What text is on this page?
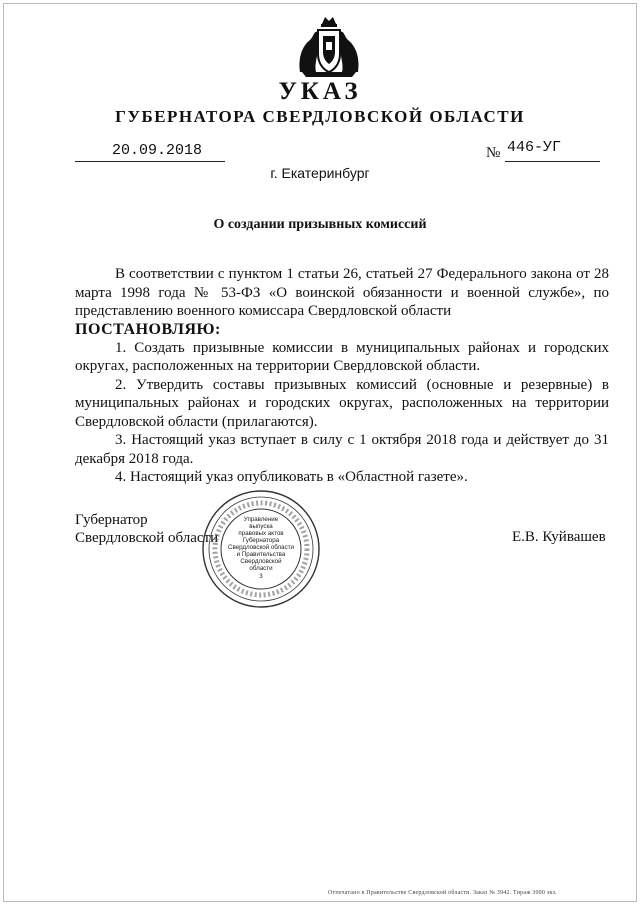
УКАЗ
ГУБЕРНАТОРА СВЕРДЛОВСКОЙ ОБЛАСТИ
20.09.2018	№ 446-УГ
г. Екатеринбург
О создании призывных комиссий

В соответствии с пунктом 1 статьи 26, статьей 27 Федерального закона от 28 марта 1998 года № 53-ФЗ «О воинской обязанности и военной службе», по представлению военного комиссара Свердловской области

ПОСТАНОВЛЯЮ:

1. Создать призывные комиссии в муниципальных районах и городских округах, расположенных на территории Свердловской области.

2. Утвердить составы призывных комиссий (основные и резервные) в муниципальных районах и городских округах, расположенных на территории Свердловской области (прилагаются).

3. Настоящий указ вступает в силу с 1 октября 2018 года и действует до 31 декабря 2018 года.

4. Настоящий указ опубликовать в «Областной газете».

Губернатор
Свердловской области	Е.В. Куйвашев
Управление
выпуска
правовых актов
Губернатора
Свердловской области
и Правительства
Свердловской
области
3
Отпечатано в Правительстве Свердловской области. Заказ № 3942. Тираж 3000 экз.
